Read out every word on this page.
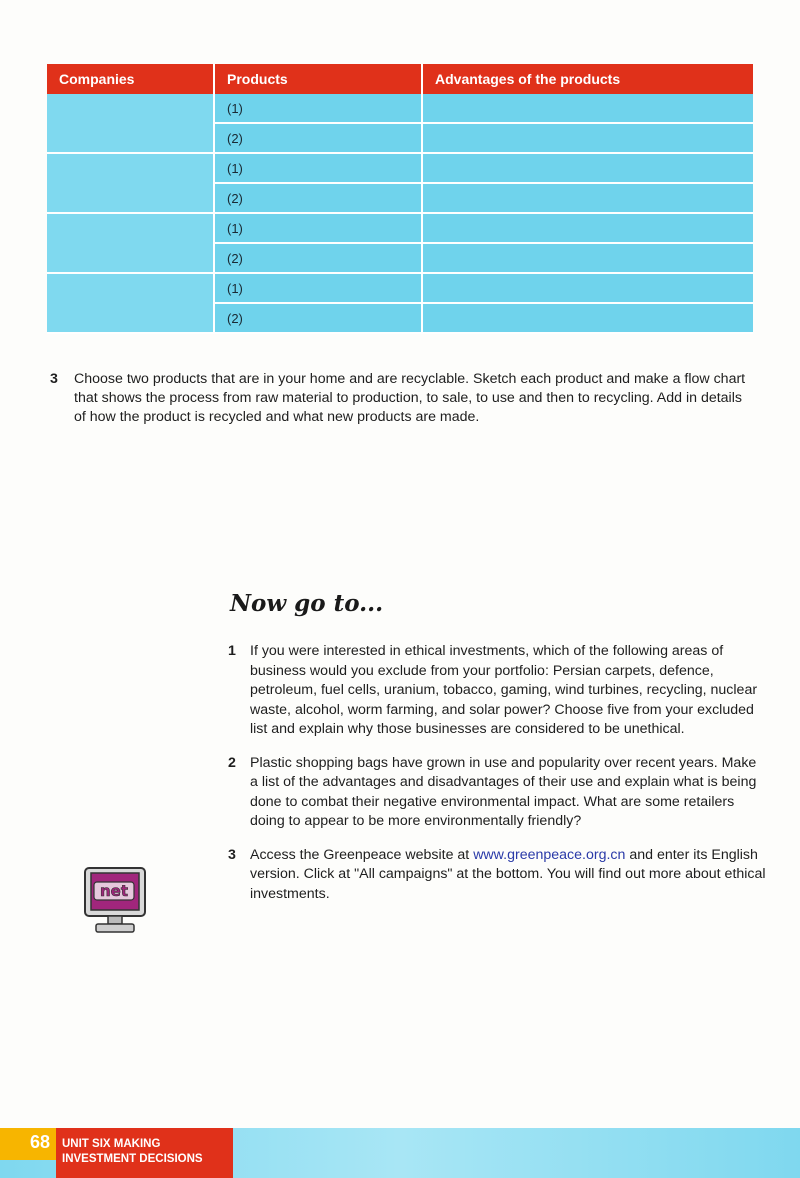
Companies	Products	Advantages of the products
	(1)	
	(2)	
	(1)	
	(2)	
	(1)	
	(2)	
	(1)	
	(2)	
3	Choose two products that are in your home and are recyclable. Sketch each product and make a flow chart that shows the process from raw material to production, to sale, to use and then to recycling. Add in details of how the product is recycled and what new products are made.
Now go to...
1 If you were interested in ethical investments, which of the following areas of business would you exclude from your portfolio: Persian carpets, defence, petroleum, fuel cells, uranium, tobacco, gaming, wind turbines, recycling, nuclear waste, alcohol, worm farming, and solar power? Choose five from your excluded list and explain why those businesses are considered to be unethical.
2 Plastic shopping bags have grown in use and popularity over recent years. Make a list of the advantages and disadvantages of their use and explain what is being done to combat their negative environmental impact. What are some retailers doing to appear to be more environmentally friendly?
3 Access the Greenpeace website at www.greenpeace.org.cn and enter its English version. Click at "All campaigns" at the bottom. You will find out more about ethical investments.
net
68	UNIT SIX MAKING
INVESTMENT DECISIONS
